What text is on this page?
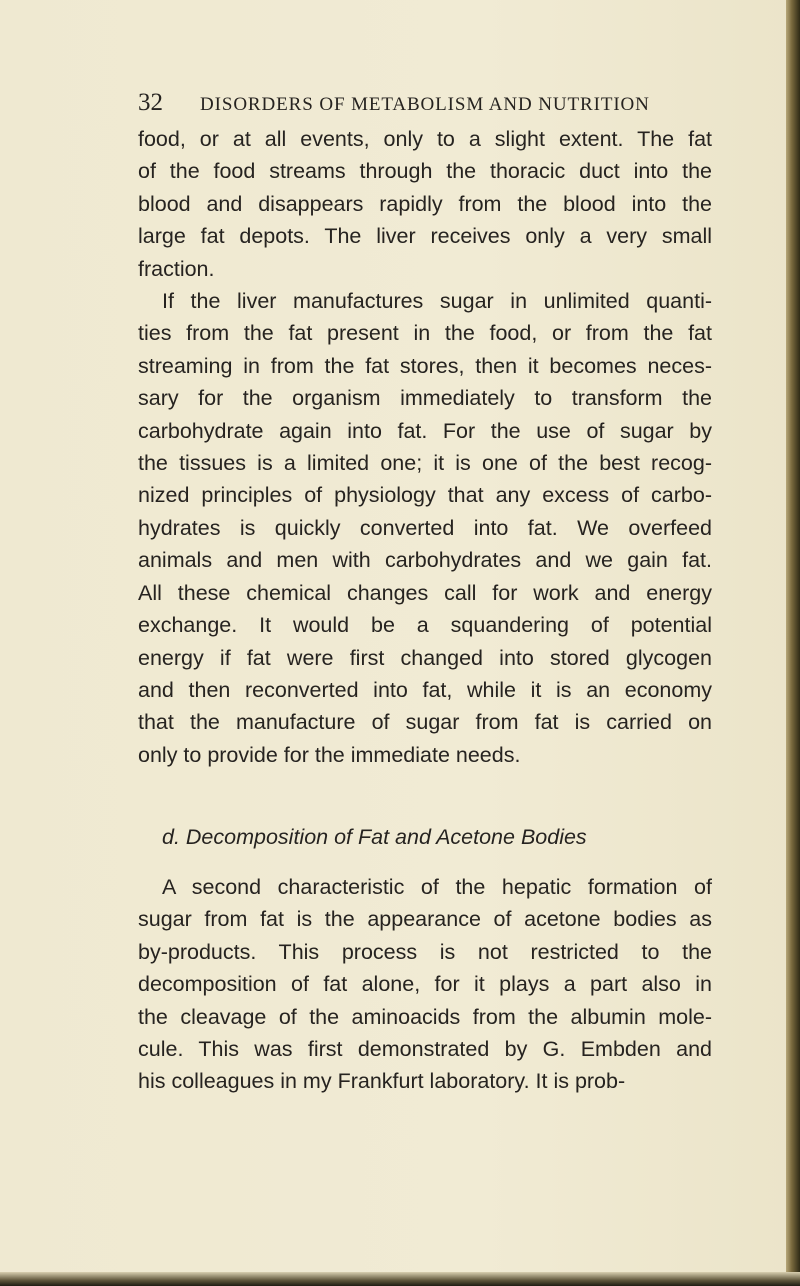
32 DISORDERS OF METABOLISM AND NUTRITION

food, or at all events, only to a slight extent. The fat
of the food streams through the thoracic duct into the
blood and disappears rapidly from the blood into the
large fat depots. The liver receives only a very small
fraction.

If the liver manufactures sugar in unlimited quanti-
ties from the fat present in the food, or from the fat
streaming in from the fat stores, then it becomes neces-
sary for the organism immediately to transform the
carbohydrate again into fat. For the use of sugar by
the tissues is a limited one; it is one of the best recog-
nized principles of physiology that any excess of carbo-
hydrates is quickly converted into fat. We overfeed
animals and men with carbohydrates and we gain fat.
All these chemical changes call for work and energy
exchange. It would be a squandering of potential
energy if fat were first changed into stored glycogen
and then reconverted into fat, while it is an economy
that the manufacture of sugar from fat is carried on
only to provide for the immediate needs.

d. Decomposition of Fat and Acetone Bodies

A second characteristic of the hepatic formation of
sugar from fat is the appearance of acetone bodies as
by-products. This process is not restricted to the
decomposition of fat alone, for it plays a part also in
the cleavage of the aminoacids from the albumin mole-
cule. This was first demonstrated by G. Embden and
his colleagues in my Frankfurt laboratory. It is prob-
